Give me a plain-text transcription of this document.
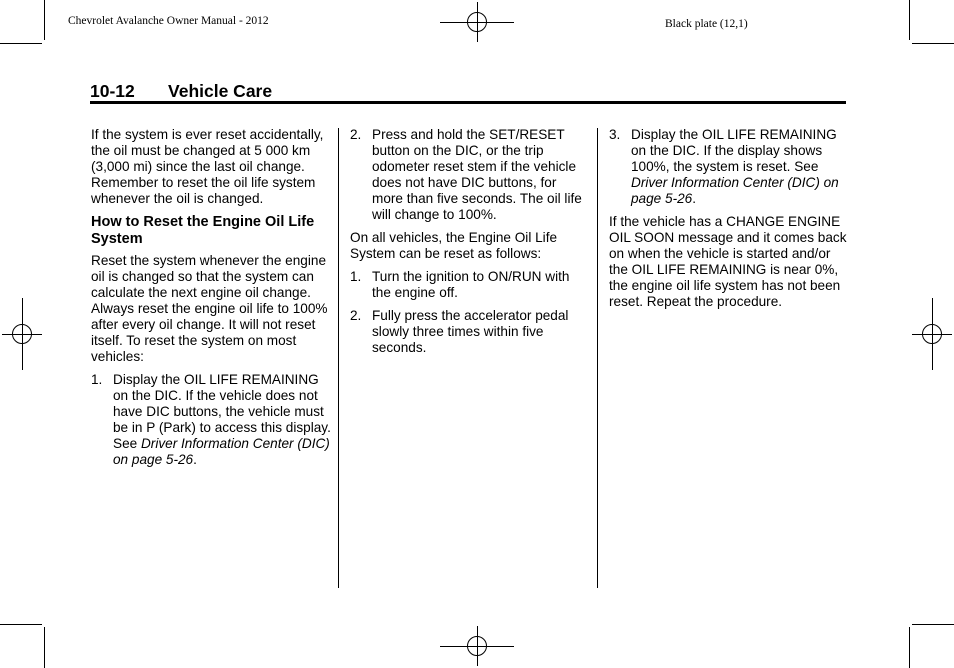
Chevrolet Avalanche Owner Manual - 2012	Black plate (12,1)
10-12 Vehicle Care

If the system is ever reset accidentally, the oil must be changed at 5 000 km (3,000 mi) since the last oil change. Remember to reset the oil life system whenever the oil is changed.

How to Reset the Engine Oil Life System

Reset the system whenever the engine oil is changed so that the system can calculate the next engine oil change. Always reset the engine oil life to 100% after every oil change. It will not reset itself. To reset the system on most vehicles:

1. Display the OIL LIFE REMAINING on the DIC. If the vehicle does not have DIC buttons, the vehicle must be in P (Park) to access this display. See Driver Information Center (DIC) on page 5-26.
2. Press and hold the SET/RESET button on the DIC, or the trip odometer reset stem if the vehicle does not have DIC buttons, for more than five seconds. The oil life will change to 100%.

On all vehicles, the Engine Oil Life System can be reset as follows:

1. Turn the ignition to ON/RUN with the engine off.
2. Fully press the accelerator pedal slowly three times within five seconds.
3. Display the OIL LIFE REMAINING on the DIC. If the display shows 100%, the system is reset. See Driver Information Center (DIC) on page 5-26.

If the vehicle has a CHANGE ENGINE OIL SOON message and it comes back on when the vehicle is started and/or the OIL LIFE REMAINING is near 0%, the engine oil life system has not been reset. Repeat the procedure.
